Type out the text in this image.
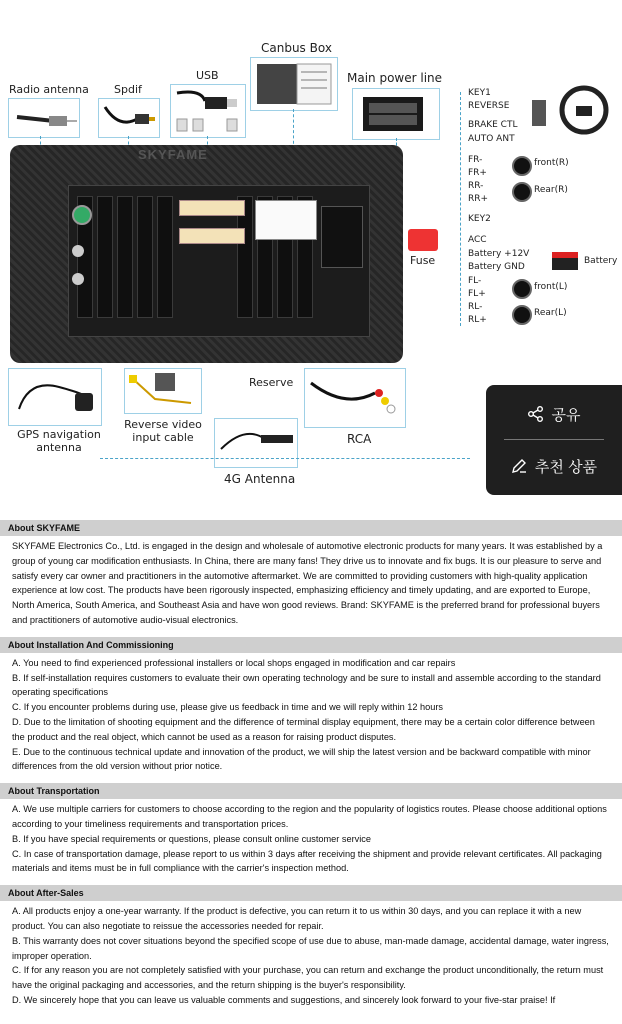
Radio antenna Spdif
USB
Canbus Box
Main power line
SKYFAME
Fuse
KEY1
REVERSE
BRAKE CTL
AUTO ANT
FR-
FR+
RR-
RR+
KEY2
ACC
Battery +12V
Battery GND
FL-
FL+
RL-
RL+
front(R)
Rear(R)
Battery
front(L)
Rear(L)
GPS navigation antenna
Reverse video input cable
Reserve
RCA
4G Antenna
공유
추천 상품
About SKYFAME

SKYFAME Electronics Co., Ltd. is engaged in the design and wholesale of automotive electronic products for many years. It was established by a group of young car modification enthusiasts. In China, there are many fans! They drive us to innovate and fix bugs. It is our pleasure to serve and satisfy every car owner and practitioners in the automotive aftermarket. We are committed to providing customers with high-quality application experience at low cost. The products have been rigorously inspected, emphasizing efficiency and timely updating, and are exported to Europe, North America, South America, and Southeast Asia and have won good reviews. Brand: SKYFAME is the preferred brand for professional buyers and practitioners of automotive audio-visual electronics.

About Installation And Commissioning

A. You need to find experienced professional installers or local shops engaged in modification and car repairs

B. If self-installation requires customers to evaluate their own operating technology and be sure to install and assemble according to the standard operating specifications

C. If you encounter problems during use, please give us feedback in time and we will reply within 12 hours

D. Due to the limitation of shooting equipment and the difference of terminal display equipment, there may be a certain color difference between the product and the real object, which cannot be used as a reason for raising product disputes.

E. Due to the continuous technical update and innovation of the product, we will ship the latest version and be backward compatible with minor differences from the old version without prior notice.

About Transportation

A. We use multiple carriers for customers to choose according to the region and the popularity of logistics routes. Please choose additional options according to your timeliness requirements and transportation prices.

B. If you have special requirements or questions, please consult online customer service

C. In case of transportation damage, please report to us within 3 days after receiving the shipment and provide relevant certificates. All packaging materials and items must be in full compliance with the carrier's inspection method.

About After-Sales

A. All products enjoy a one-year warranty. If the product is defective, you can return it to us within 30 days, and you can replace it with a new product. You can also negotiate to reissue the accessories needed for repair.

B. This warranty does not cover situations beyond the specified scope of use due to abuse, man-made damage, accidental damage, water ingress, improper operation.

C. If for any reason you are not completely satisfied with your purchase, you can return and exchange the product unconditionally, the return must have the original packaging and accessories, and the return shipping is the buyer's responsibility.

D. We sincerely hope that you can leave us valuable comments and suggestions, and sincerely look forward to your five-star praise! If
